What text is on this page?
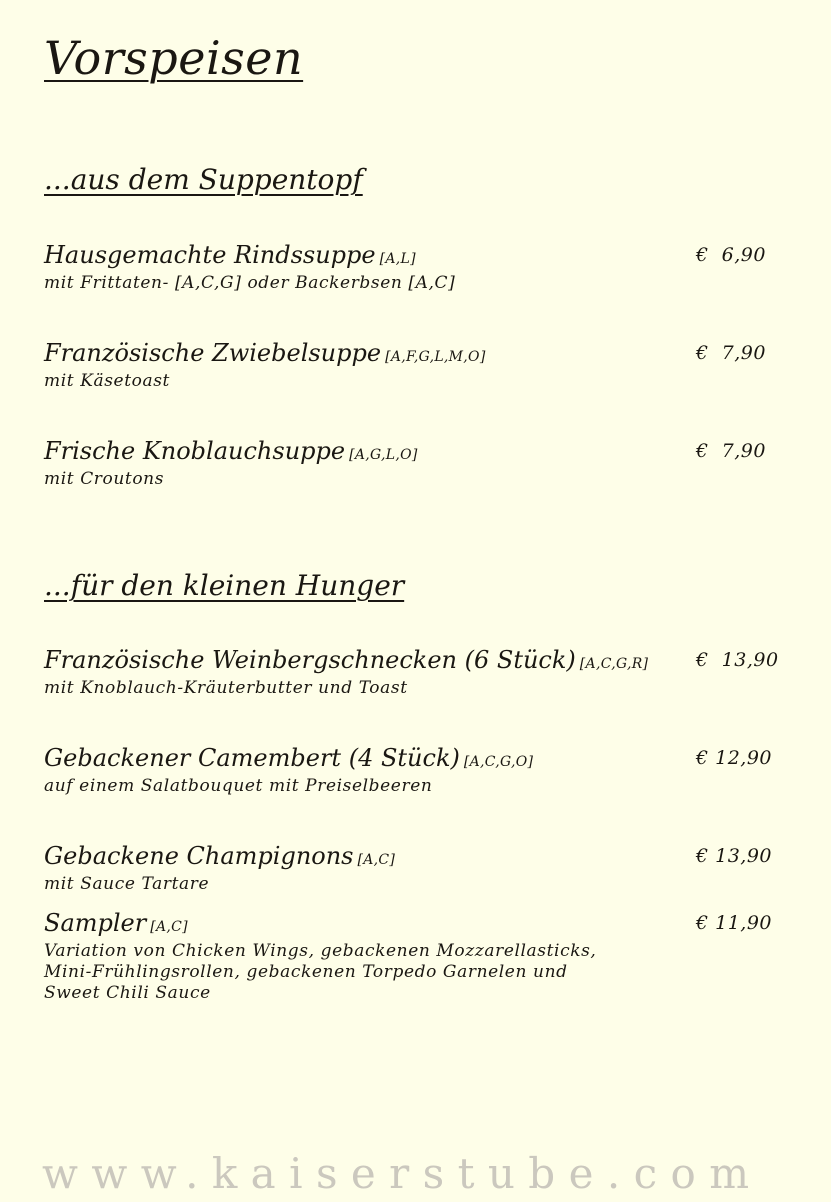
Vorspeisen
...aus dem Suppentopf
Hausgemachte Rindssuppe [A,L]
mit Frittaten- [A,C,G] oder Backerbsen [A,C]
€  6,90
Französische Zwiebelsuppe [A,F,G,L,M,O]
mit Käsetoast
€  7,90
Frische Knoblauchsuppe [A,G,L,O]
mit Croutons
€  7,90
...für den kleinen Hunger
Französische Weinbergschnecken (6 Stück) [A,C,G,R]
mit Knoblauch-Kräuterbutter und Toast
€  13,90
Gebackener Camembert (4 Stück) [A,C,G,O]
auf einem Salatbouquet mit Preiselbeeren
€ 12,90
Gebackene Champignons [A,C]
mit Sauce Tartare
€ 13,90
Sampler [A,C]
Variation von Chicken Wings, gebackenen Mozzarellasticks,
Mini-Frühlingsrollen, gebackenen Torpedo Garnelen und
Sweet Chili Sauce
€ 11,90
www.kaiserstube.com
